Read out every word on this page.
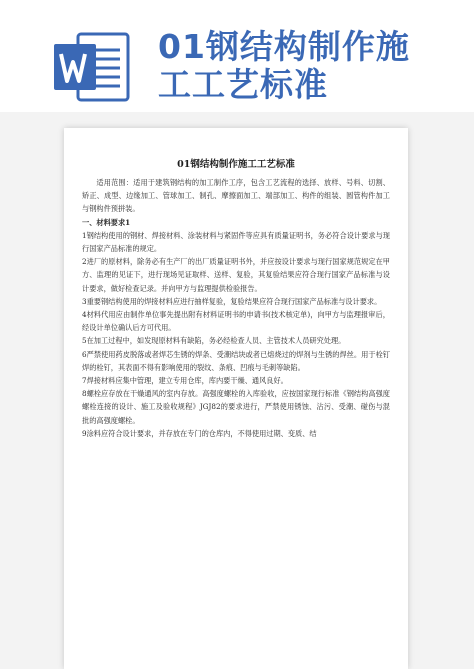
01钢结构制作施
工工艺标准
01钢结构制作施工工艺标准

适用范围：适用于建筑钢结构的加工制作工序，包含工艺流程的选择、放样、号料、切割、矫正、成型、边缘加工、管球加工、制孔、摩擦面加工、端部加工、构件的组装、圆管构件加工与钢构件预拼装。

一、材料要求1

1钢结构使用的钢材、焊接材料、涂装材料与紧固件等应具有质量证明书，务必符合设计要求与现行国家产品标准的规定。

2进厂的原材料，除务必有生产厂的出厂质量证明书外，并应按设计要求与现行国家规范规定在甲方、监理的见证下，进行现场见证取样、送样、复验，其复验结果应符合现行国家产品标准与设计要求，做好检查记录。并向甲方与监理提供检验报告。

3重要钢结构使用的焊接材料应进行抽样复验，复验结果应符合现行国家产品标准与设计要求。

4材料代用应由制作单位事先提出附有材料证明书的申请书(技术核定单)，向甲方与监理报审后，经设计单位确认后方可代用。

5在加工过程中，如发现原材料有缺陷，务必经检查人员、主管技术人员研究处理。

6严禁使用药皮脱落或者焊芯生锈的焊条、受潮结块或者已熔烧过的焊剂与生锈的焊丝。用于栓钉焊的栓钉，其表面不得有影响使用的裂纹、条痕、凹痕与毛刺等缺陷。

7焊接材料应集中管理，建立专用仓库，库内要干燥、通风良好。

8螺栓应存放在干燥通风的室内存放。高强度螺栓的入库验收，应按国家现行标准《钢结构高强度螺栓连接的设计、施工及验收规程》JGJ82的要求进行，严禁使用锈蚀、沾污、受潮、碰伤与混批的高强度螺栓。

9涂料应符合设计要求，并存放在专门的仓库内，不得使用过期、变质、结
